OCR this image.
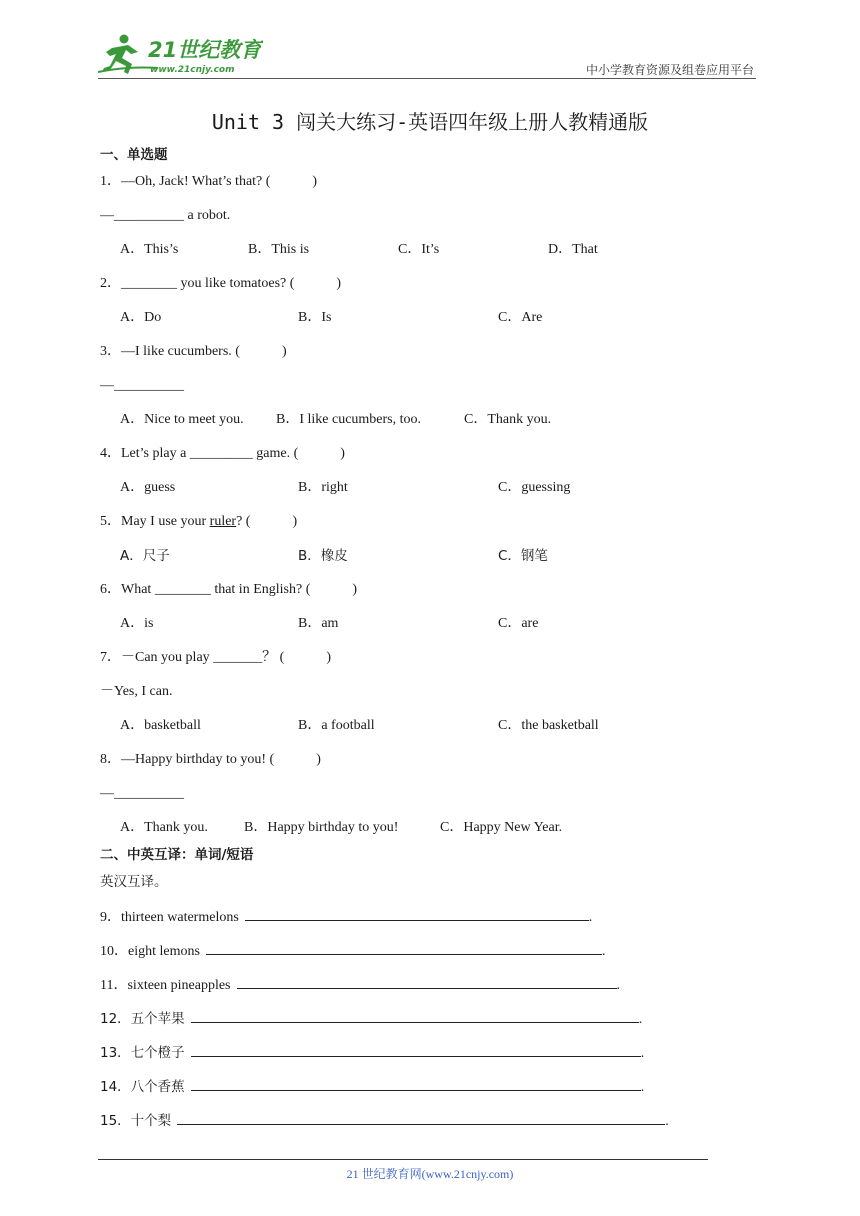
21世纪教育
www.21cnjy.com	中小学教育资源及组卷应用平台
Unit 3 闯关大练习-英语四年级上册人教精通版
一、单选题
1．—Oh, Jack! What’s that? (　　　)
—__________ a robot.
A．This’s	B．This is	C．It’s	D．That
2．________ you like tomatoes? (　　　)
A．Do	B．Is	C．Are
3．—I like cucumbers. (　　　)
—__________
A．Nice to meet you. B．I like cucumbers, too.	C．Thank you.
4．Let’s play a _________ game. (　　　)
A．guess	B．right	C．guessing
5．May I use your ruler? (　　　)
A．尺子	B．橡皮	C．钢笔
6．What ________ that in English? (　　　)
A．is	B．am	C．are
7．－Can you play _______？ (　　　)
－Yes, I can.
A．basketball	B．a football	C．the basketball
8．—Happy birthday to you! (　　　)
—__________
A．Thank you.	B．Happy birthday to you!	C．Happy New Year.
二、中英互译：单词/短语
英汉互译。
9．thirteen watermelons	.
10．eight lemons	.
11．sixteen pineapples	.
12．五个苹果	.
13．七个橙子	.
14．八个香蕉	.
15．十个梨	.
21 世纪教育网(www.21cnjy.com)
